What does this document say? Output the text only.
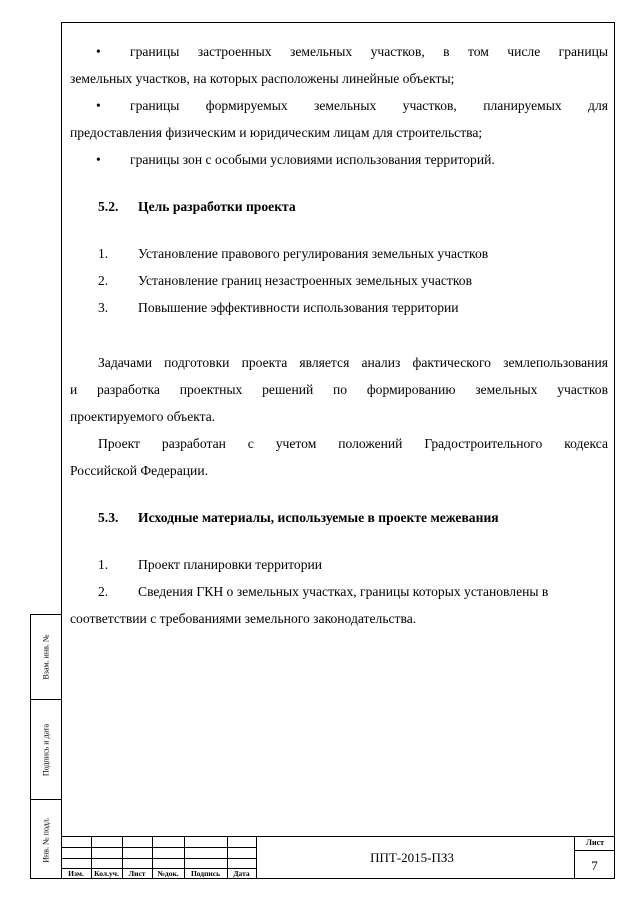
• границы застроенных земельных участков, в том числе границы
земельных участков, на которых расположены линейные объекты;
• границы формируемых земельных участков, планируемых для
предоставления физическим и юридическим лицам для строительства;
• границы зон с особыми условиями использования территорий.
5.2. Цель разработки проекта
1. Установление правового регулирования земельных участков
2. Установление границ незастроенных земельных участков
3. Повышение эффективности использования территории
Задачами подготовки проекта является анализ фактического землепользования
и разработка проектных решений по формированию земельных участков
проектируемого объекта.
Проект разработан с учетом положений Градостроительного кодекса
Российской Федерации.
5.3. Исходные материалы, используемые в проекте межевания
1. Проект планировки территории
2. Сведения ГКН о земельных участках, границы которых установлены в
соответствии с требованиями земельного законодательства.
Взам. инв. №
Подпись и дата
Инв. № подл.
Изм.	Кол.уч.	Лист	№док.	Подпись	Дата
ППТ-2015-ПЗ3
Лист
7
